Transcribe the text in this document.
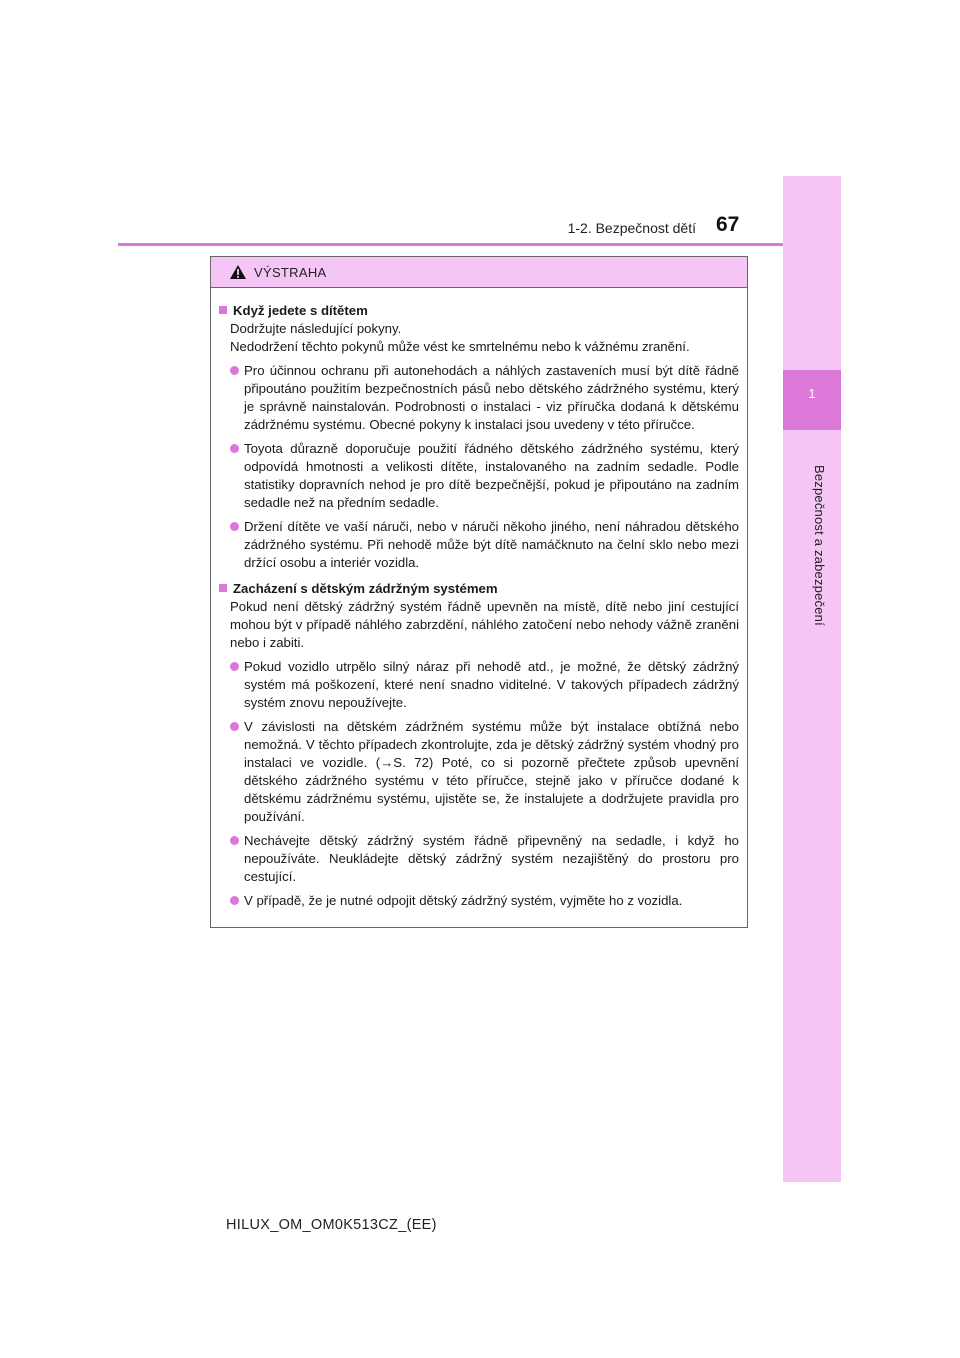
1
Bezpečnost a zabezpečení
1-2. Bezpečnost dětí 67
VÝSTRAHA
Když jedete s dítětem
Dodržujte následující pokyny.
Nedodržení těchto pokynů může vést ke smrtelnému nebo k vážnému zranění.
Pro účinnou ochranu při autonehodách a náhlých zastaveních musí být dítě řádně připoutáno použitím bezpečnostních pásů nebo dětského zádržného systému, který je správně nainstalován. Podrobnosti o instalaci - viz příručka dodaná k dětskému zádržnému systému. Obecné pokyny k instalaci jsou uvedeny v této příručce.
Toyota důrazně doporučuje použití řádného dětského zádržného systému, který odpovídá hmotnosti a velikosti dítěte, instalovaného na zadním sedadle. Podle statistiky dopravních nehod je pro dítě bezpečnější, pokud je připoutáno na zadním sedadle než na předním sedadle.
Držení dítěte ve vaší náruči, nebo v náruči někoho jiného, není náhradou dětského zádržného systému. Při nehodě může být dítě namáčknuto na čelní sklo nebo mezi držící osobu a interiér vozidla.
Zacházení s dětským zádržným systémem
Pokud není dětský zádržný systém řádně upevněn na místě, dítě nebo jiní cestující mohou být v případě náhlého zabrzdění, náhlého zatočení nebo nehody vážně zraněni nebo i zabiti.
Pokud vozidlo utrpělo silný náraz při nehodě atd., je možné, že dětský zádržný systém má poškození, které není snadno viditelné. V takových případech zádržný systém znovu nepoužívejte.
V závislosti na dětském zádržném systému může být instalace obtížná nebo nemožná. V těchto případech zkontrolujte, zda je dětský zádržný systém vhodný pro instalaci ve vozidle. (→S. 72) Poté, co si pozorně přečtete způsob upevnění dětského zádržného systému v této příručce, stejně jako v příručce dodané k dětskému zádržnému systému, ujistěte se, že instalujete a dodržujete pravidla pro používání.
Nechávejte dětský zádržný systém řádně připevněný na sedadle, i když ho nepoužíváte. Neukládejte dětský zádržný systém nezajištěný do prostoru pro cestující.
V případě, že je nutné odpojit dětský zádržný systém, vyjměte ho z vozidla.
HILUX_OM_OM0K513CZ_(EE)
